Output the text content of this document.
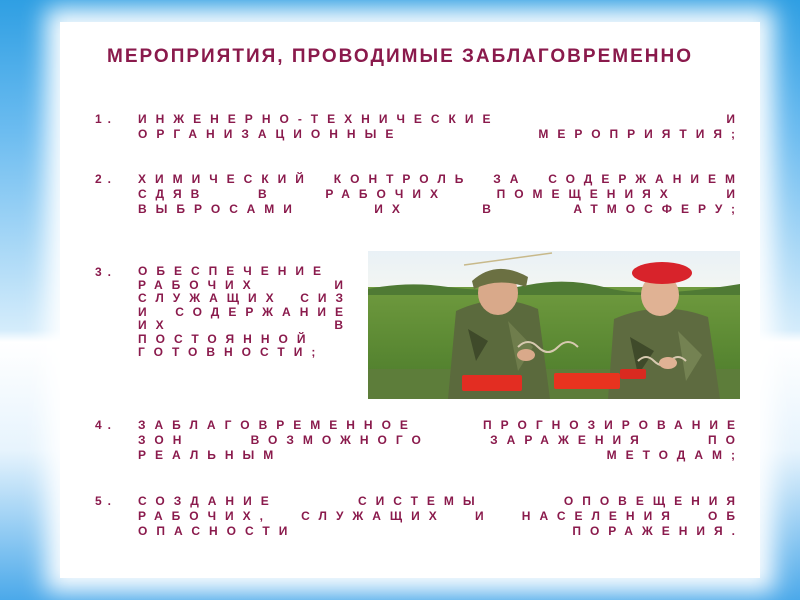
МЕРОПРИЯТИЯ, ПРОВОДИМЫЕ ЗАБЛАГОВРЕМЕННО
1. ИНЖЕНЕРНО-ТЕХНИЧЕСКИЕ И ОРГАНИЗАЦИОННЫЕ МЕРОПРИЯТИЯ;
2. ХИМИЧЕСКИЙ КОНТРОЛЬ ЗА СОДЕРЖАНИЕМ СДЯВ В РАБОЧИХ ПОМЕЩЕНИЯХ И ВЫБРОСАМИ ИХ В АТМОСФЕРУ;
3. ОБЕСПЕЧЕНИЕ РАБОЧИХ И СЛУЖАЩИХ СИЗ И СОДЕРЖАНИЕ ИХ В ПОСТОЯННОЙ ГОТОВНОСТИ;
4. ЗАБЛАГОВРЕМЕННОЕ ПРОГНОЗИРОВАНИЕ ЗОН ВОЗМОЖНОГО ЗАРАЖЕНИЯ ПО РЕАЛЬНЫМ МЕТОДАМ;
5. СОЗДАНИЕ СИСТЕМЫ ОПОВЕЩЕНИЯ РАБОЧИХ, СЛУЖАЩИХ И НАСЕЛЕНИЯ ОБ ОПАСНОСТИ ПОРАЖЕНИЯ.
